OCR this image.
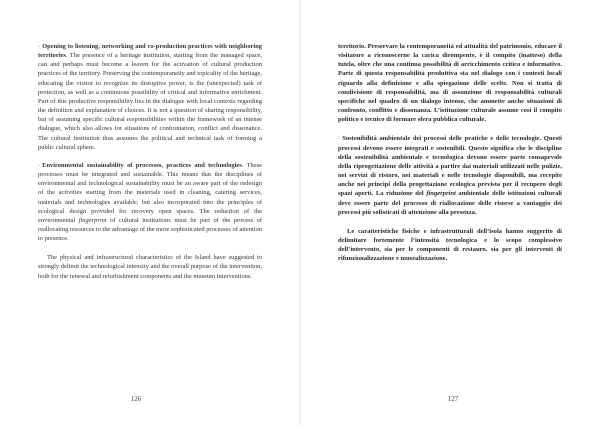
· Opening to listening, networking and co-production practices with neighboring territories. The presence of a heritage institution, starting from the managed space, can and perhaps must become a leaven for the activation of cultural production practices of the territory. Preserving the contemporaneity and topicality of the heritage, educating the visitor to recognize its disruptive power, is the (unexpected) task of protection, as well as a continuous possibility of critical and informative enrichment. Part of this productive responsibility lies in the dialogue with local contexts regarding the definition and explanation of choices. It is not a question of sharing responsibility, but of assuming specific cultural responsibilities within the framework of an intense dialogue, which also allows for situations of confrontation, conflict and dissonance. The cultural institution thus assumes the political and technical task of forming a public cultural sphere.

· Environmental sustainability of processes, practices and technologies. These processes must be integrated and sustainable. This means that the disciplines of environmental and technological sustainability must be an aware part of the redesign of the activities starting from the materials used in cleaning, catering services, materials and technologies available, but also incorporated into the principles of ecological design provided for recovery open spaces. The reduction of the environmental fingerprint of cultural institutions must be part of the process of reallocating resources to the advantage of the more sophisticated processes of attention to presence.

The physical and infrastructural characteristics of the Island have suggested to strongly delimit the technological intensity and the overall purpose of the intervention, both for the renewal and refurbishment components and the museum interventions.

126

territorio. Preservare la contemporaneità ed attualità del patrimonio, educare il visitatore a riconoscerne la carica dirompente, è il compito (inatteso) della tutela, oltre che una continua possibilità di arricchimento critico e informativo. Parte di questa responsabilità produttiva sta nel dialogo con i contesti locali riguardo alla definizione e alla spiegazione delle scelte. Non si tratta di condivisione di responsabilità, ma di assunzione di responsabilità culturali specifiche nel quadro di un dialogo intenso, che ammette anche situazioni di confronto, conflitto e dissonanza. L’istituzione culturale assume così il compito politico e tecnico di formare sfera pubblica culturale.

· Sostenibilità ambientale dei processi delle pratiche e delle tecnologie. Questi processi devono essere integrati e sostenibili. Questo significa che le discipline della sostenibilità ambientale e tecnologica devono essere parte consapevole della riprogettazione delle attività a partire dai materiali utilizzati nelle pulizie, nei servizi di ristoro, nei materiali e nelle tecnologie disponibili, ma recepite anche nei principi della progettazione ecologica prevista per il recupero degli spazi aperti. La riduzione del fingerprint ambientale delle istituzioni culturali deve essere parte del processo di riallocazione delle risorse a vantaggio dei processi più sofisticati di attenzione alla presenza.

Le caratteristiche fisiche e infrastrutturali dell’isola hanno suggerito di delimitare fortemente l’intensità tecnologica e lo scopo complessivo dell’intervento, sia per le componenti di restauro, sia per gli interventi di rifunzionalizzazione e musealizzazione.

127
